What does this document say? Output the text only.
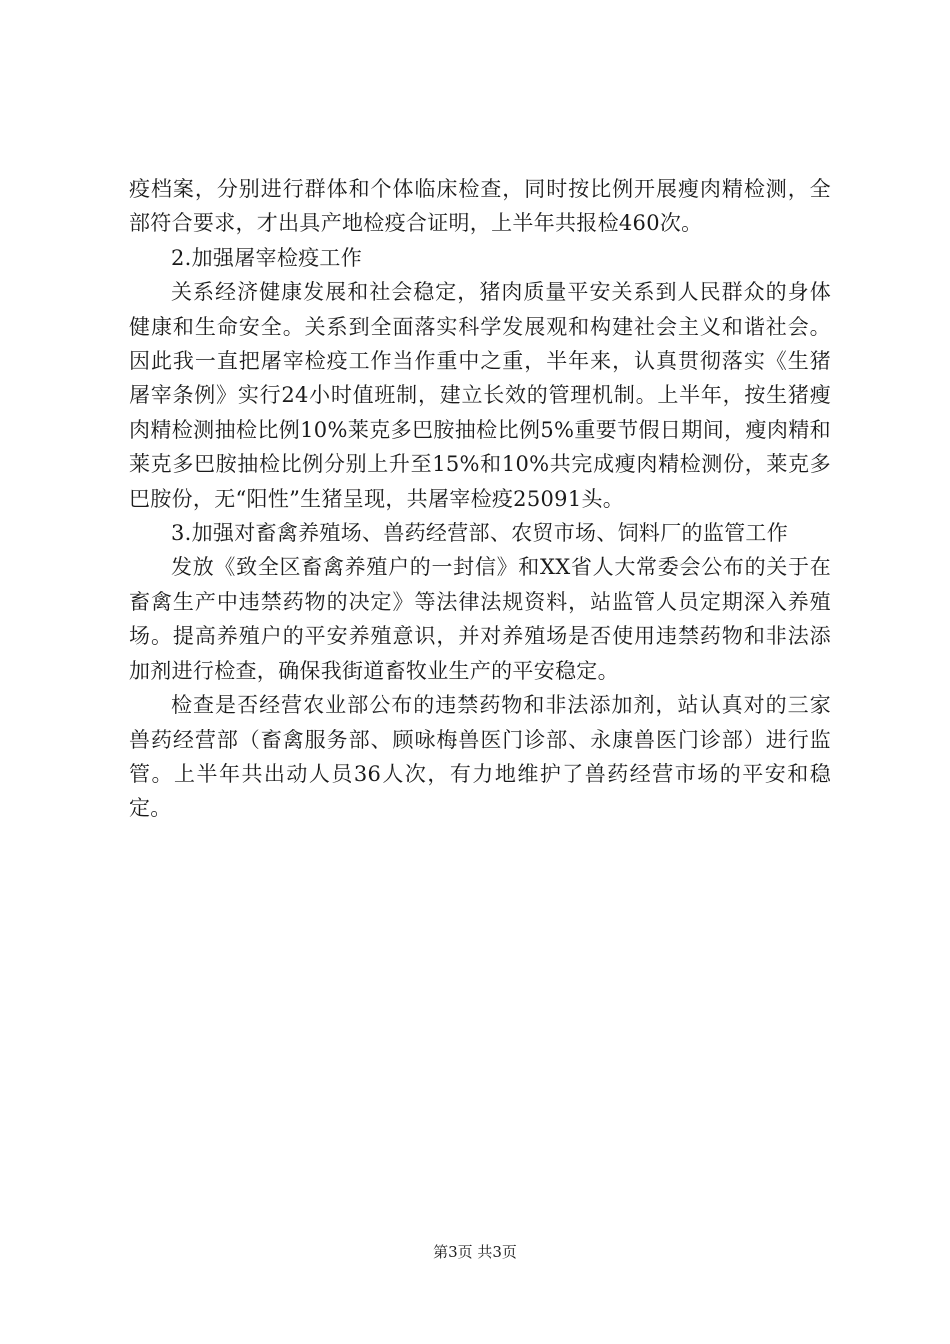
疫档案，分别进行群体和个体临床检查，同时按比例开展瘦肉精检测，全部符合要求，才出具产地检疫合证明，上半年共报检460次。

2.加强屠宰检疫工作

关系经济健康发展和社会稳定，猪肉质量平安关系到人民群众的身体健康和生命安全。关系到全面落实科学发展观和构建社会主义和谐社会。因此我一直把屠宰检疫工作当作重中之重，半年来，认真贯彻落实《生猪屠宰条例》实行24小时值班制，建立长效的管理机制。上半年，按生猪瘦肉精检测抽检比例10%莱克多巴胺抽检比例5%重要节假日期间，瘦肉精和莱克多巴胺抽检比例分别上升至15%和10%共完成瘦肉精检测份，莱克多巴胺份，无“阳性”生猪呈现，共屠宰检疫25091头。

3.加强对畜禽养殖场、兽药经营部、农贸市场、饲料厂的监管工作

发放《致全区畜禽养殖户的一封信》和XX省人大常委会公布的关于在畜禽生产中违禁药物的决定》等法律法规资料，站监管人员定期深入养殖场。提高养殖户的平安养殖意识，并对养殖场是否使用违禁药物和非法添加剂进行检查，确保我街道畜牧业生产的平安稳定。

检查是否经营农业部公布的违禁药物和非法添加剂，站认真对的三家兽药经营部（畜禽服务部、顾咏梅兽医门诊部、永康兽医门诊部）进行监管。上半年共出动人员36人次，有力地维护了兽药经营市场的平安和稳定。

第3页 共3页
